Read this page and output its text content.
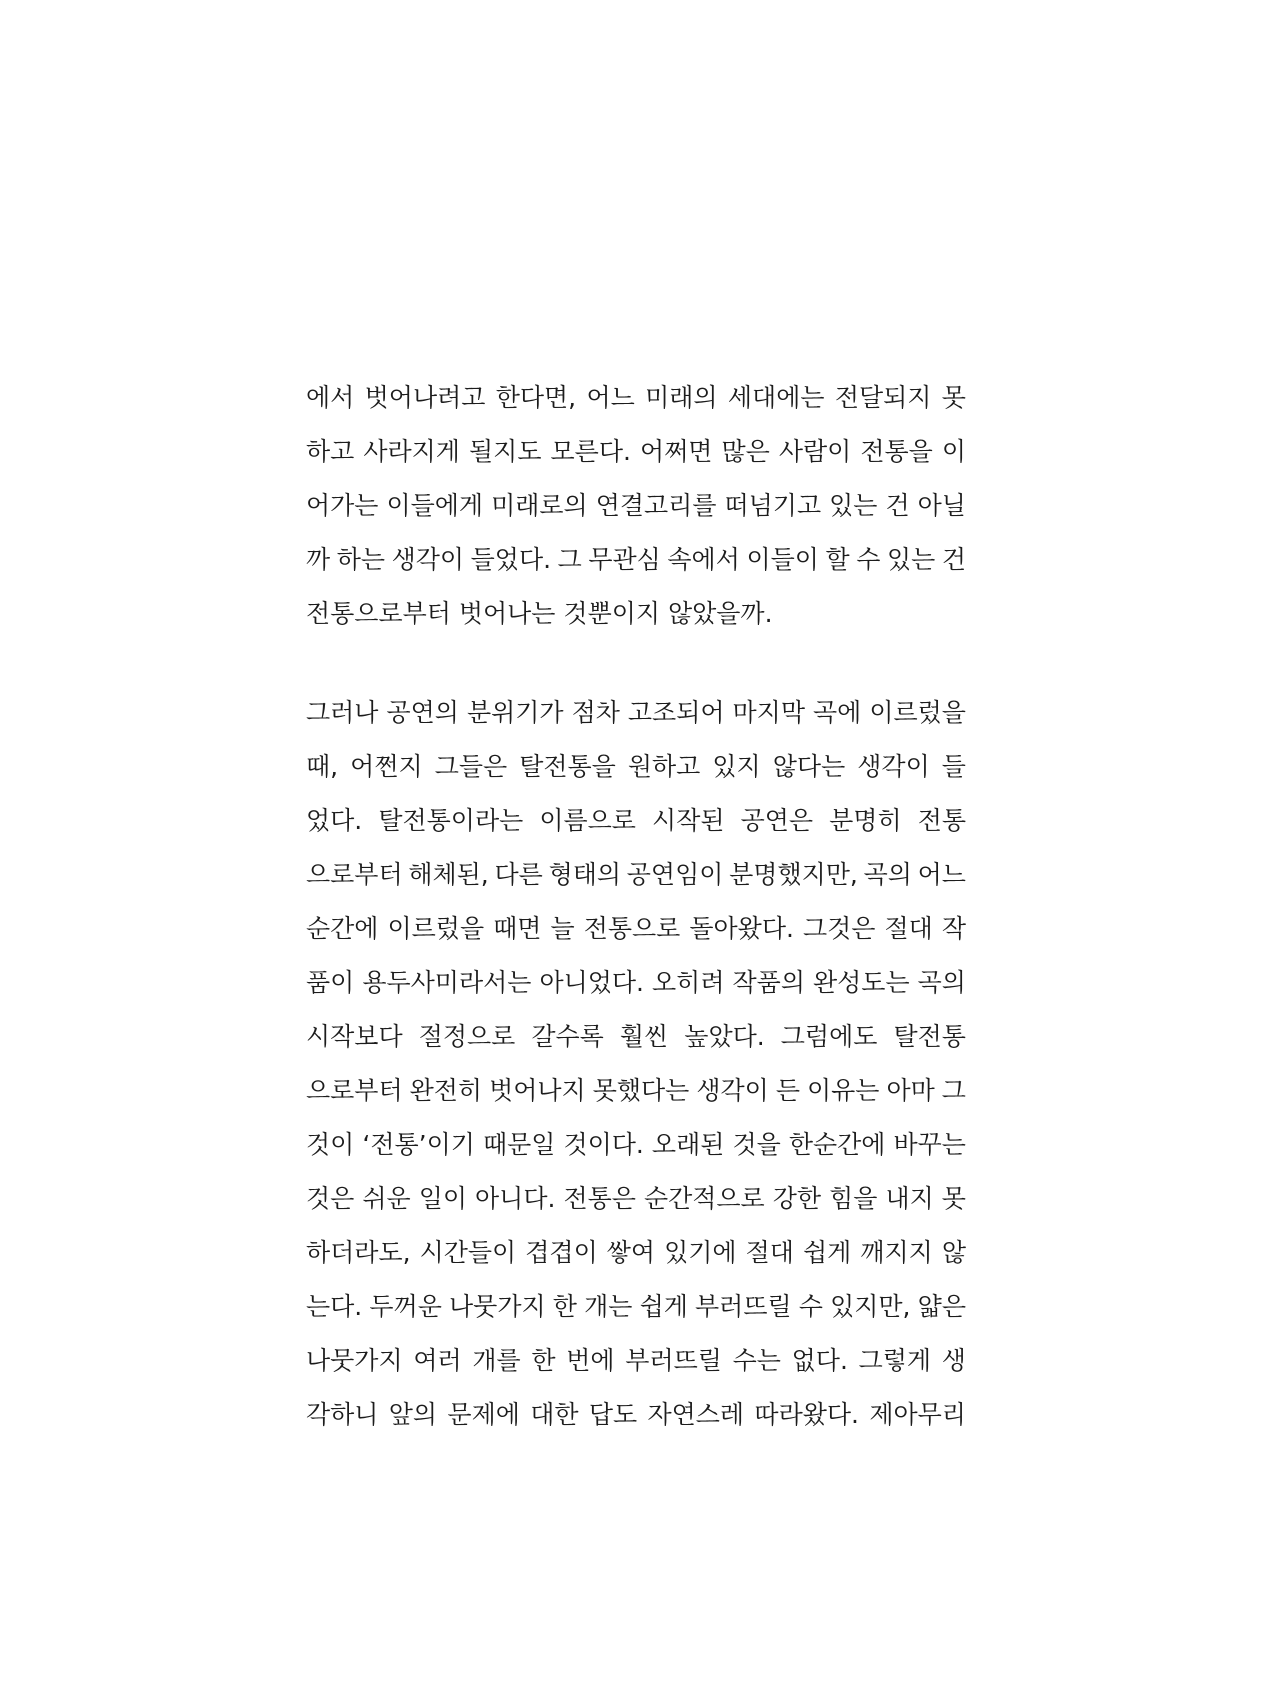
에서 벗어나려고 한다면, 어느 미래의 세대에는 전달되지 못
하고 사라지게 될지도 모른다. 어쩌면 많은 사람이 전통을 이
어가는 이들에게 미래로의 연결고리를 떠넘기고 있는 건 아닐
까 하는 생각이 들었다. 그 무관심 속에서 이들이 할 수 있는 건
전통으로부터 벗어나는 것뿐이지 않았을까.
그러나 공연의 분위기가 점차 고조되어 마지막 곡에 이르렀을
때, 어쩐지 그들은 탈전통을 원하고 있지 않다는 생각이 들
었다. 탈전통이라는 이름으로 시작된 공연은 분명히 전통
으로부터 해체된, 다른 형태의 공연임이 분명했지만, 곡의 어느
순간에 이르렀을 때면 늘 전통으로 돌아왔다. 그것은 절대 작
품이 용두사미라서는 아니었다. 오히려 작품의 완성도는 곡의
시작보다 절정으로 갈수록 훨씬 높았다. 그럼에도 탈전통
으로부터 완전히 벗어나지 못했다는 생각이 든 이유는 아마 그
것이 ‘전통’이기 때문일 것이다. 오래된 것을 한순간에 바꾸는
것은 쉬운 일이 아니다. 전통은 순간적으로 강한 힘을 내지 못
하더라도, 시간들이 겹겹이 쌓여 있기에 절대 쉽게 깨지지 않
는다. 두꺼운 나뭇가지 한 개는 쉽게 부러뜨릴 수 있지만, 얇은
나뭇가지 여러 개를 한 번에 부러뜨릴 수는 없다. 그렇게 생
각하니 앞의 문제에 대한 답도 자연스레 따라왔다. 제아무리
